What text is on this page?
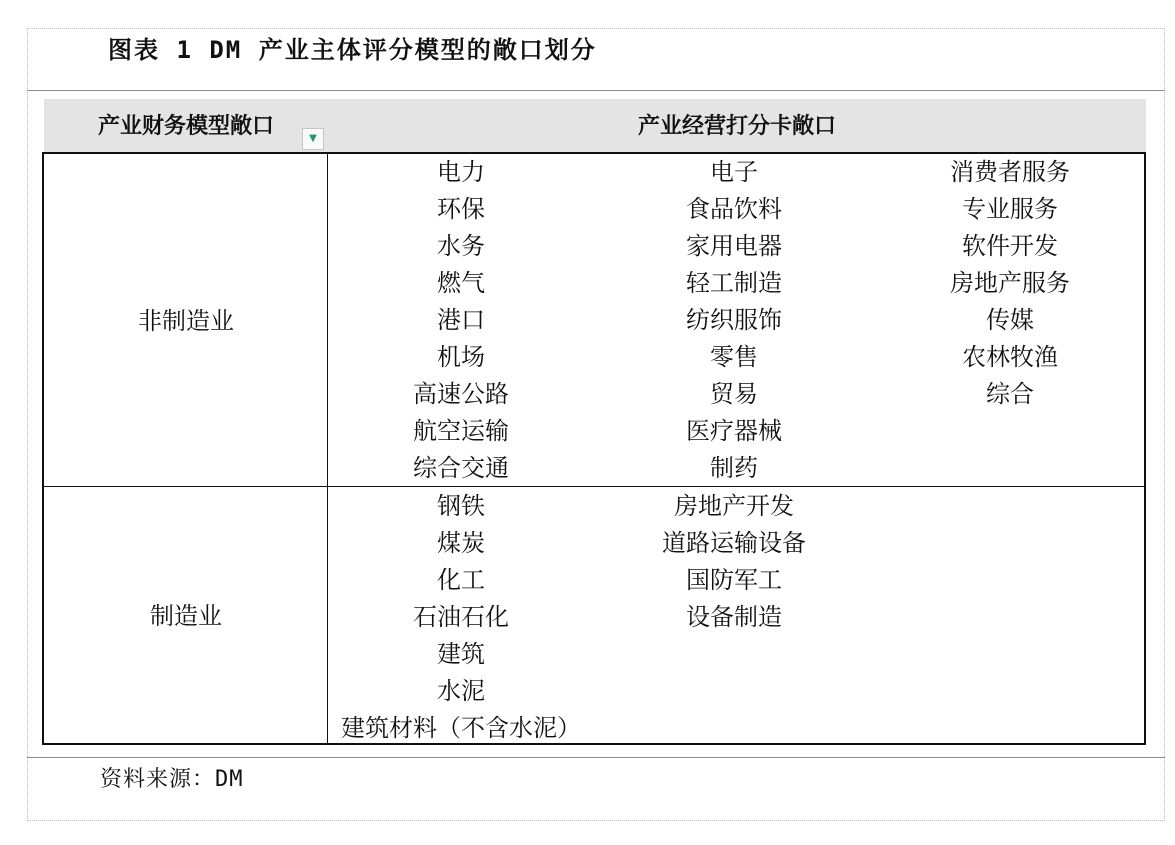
图表 1 DM 产业主体评分模型的敞口划分
产业财务模型敞口	▼	产业经营打分卡敞口
非制造业
电力
环保
水务
燃气
港口
机场
高速公路
航空运输
综合交通
电子
食品饮料
家用电器
轻工制造
纺织服饰
零售
贸易
医疗器械
制药
消费者服务
专业服务
软件开发
房地产服务
传媒
农林牧渔
综合
制造业
钢铁
煤炭
化工
石油石化
建筑
水泥
建筑材料（不含水泥）
房地产开发
道路运输设备
国防军工
设备制造
资料来源：DM
